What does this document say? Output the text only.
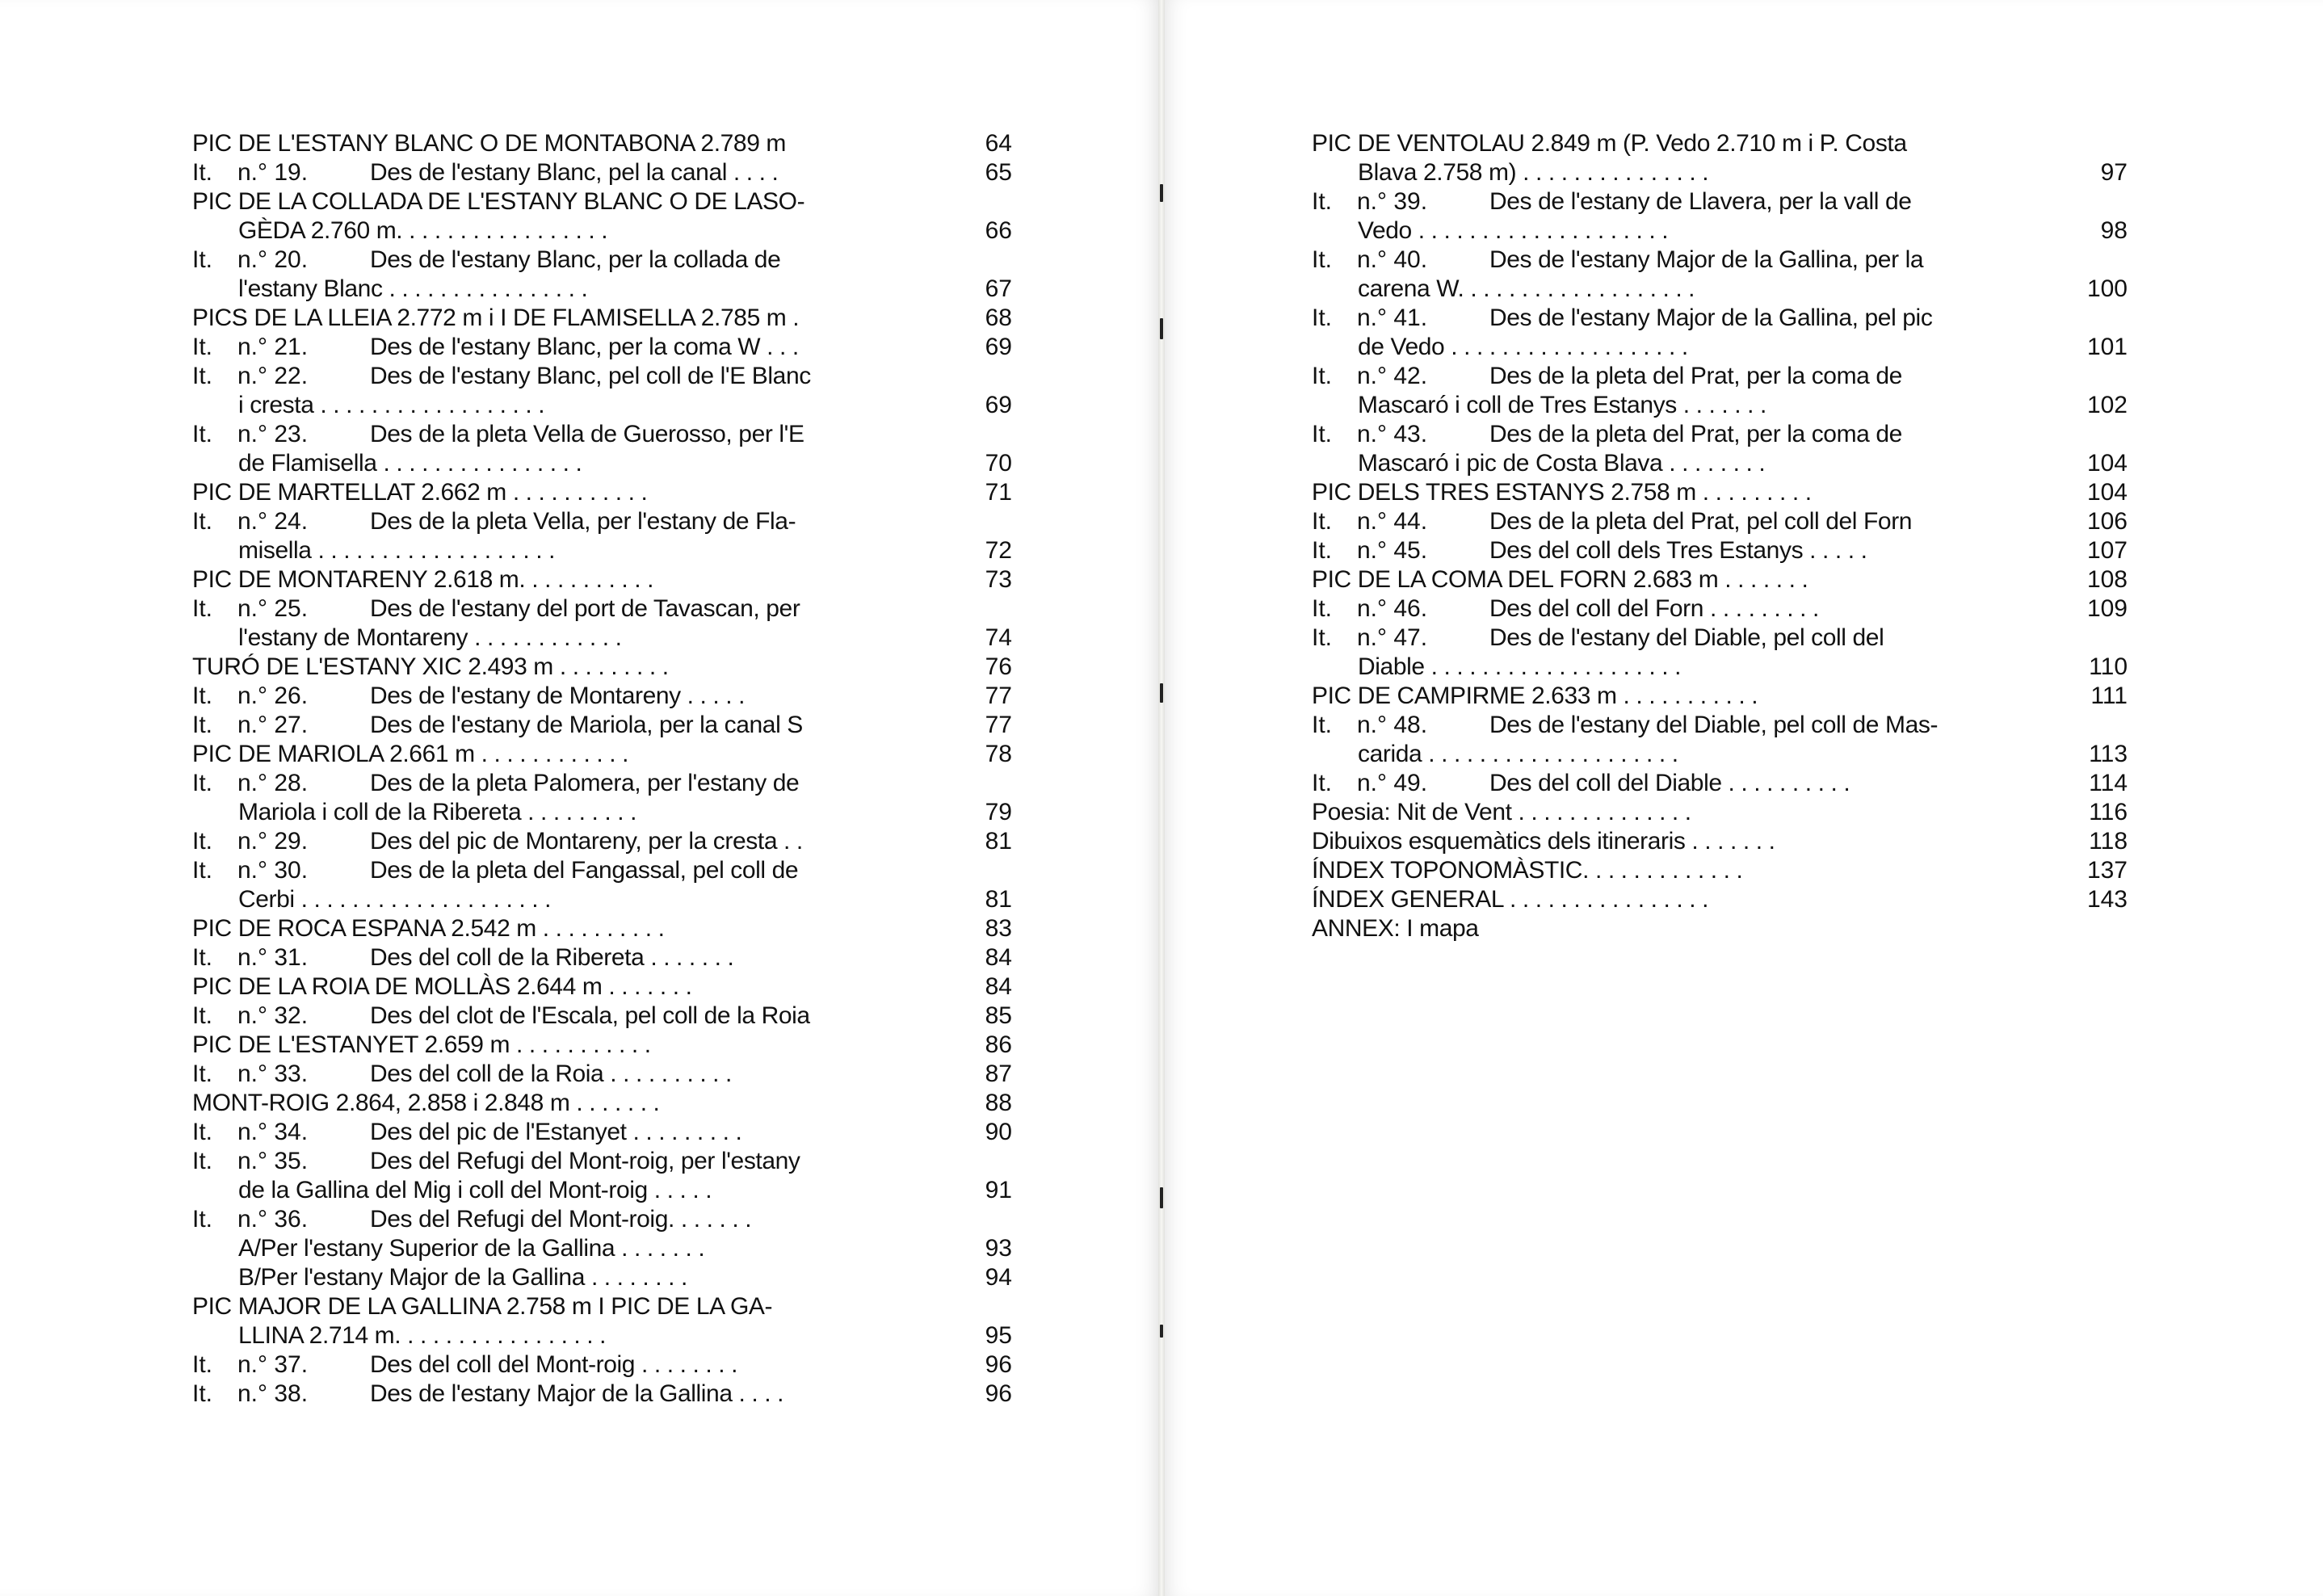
PIC DE L'ESTANY BLANC O DE MONTABONA 2.789 m	64
It. n.° 19.	Des de l'estany Blanc, pel la canal . . . .	65
PIC DE LA COLLADA DE L'ESTANY BLANC O DE LASO-
GÈDA 2.760 m. . . . . . . . . . . . . . . . .	66
It. n.° 20.	Des de l'estany Blanc, per la collada de
l'estany Blanc . . . . . . . . . . . . . . . .	67
PICS DE LA LLEIA 2.772 m i I DE FLAMISELLA 2.785 m .	68
It. n.° 21.	Des de l'estany Blanc, per la coma W . . .	69
It. n.° 22.	Des de l'estany Blanc, pel coll de l'E Blanc
i cresta . . . . . . . . . . . . . . . . . .	69
It. n.° 23.	Des de la pleta Vella de Guerosso, per l'E
de Flamisella . . . . . . . . . . . . . . . .	70
PIC DE MARTELLAT 2.662 m . . . . . . . . . . .	71
It. n.° 24.	Des de la pleta Vella, per l'estany de Fla-
misella . . . . . . . . . . . . . . . . . . .	72
PIC DE MONTARENY 2.618 m. . . . . . . . . . .	73
It. n.° 25.	Des de l'estany del port de Tavascan, per
l'estany de Montareny . . . . . . . . . . . .	74
TURÓ DE L'ESTANY XIC 2.493 m . . . . . . . . .	76
It. n.° 26.	Des de l'estany de Montareny . . . . .	77
It. n.° 27.	Des de l'estany de Mariola, per la canal S	77
PIC DE MARIOLA 2.661 m . . . . . . . . . . . .	78
It. n.° 28.	Des de la pleta Palomera, per l'estany de
Mariola i coll de la Ribereta . . . . . . . . .	79
It. n.° 29.	Des del pic de Montareny, per la cresta . .	81
It. n.° 30.	Des de la pleta del Fangassal, pel coll de
Cerbi . . . . . . . . . . . . . . . . . . . .	81
PIC DE ROCA ESPANA 2.542 m . . . . . . . . . .	83
It. n.° 31.	Des del coll de la Ribereta . . . . . . .	84
PIC DE LA ROIA DE MOLLÀS 2.644 m . . . . . . .	84
It. n.° 32.	Des del clot de l'Escala, pel coll de la Roia	85
PIC DE L'ESTANYET 2.659 m . . . . . . . . . . .	86
It. n.° 33.	Des del coll de la Roia . . . . . . . . . .	87
MONT-ROIG 2.864, 2.858 i 2.848 m . . . . . . .	88
It. n.° 34.	Des del pic de l'Estanyet . . . . . . . . .	90
It. n.° 35.	Des del Refugi del Mont-roig, per l'estany
de la Gallina del Mig i coll del Mont-roig . . . . .	91
It. n.° 36.	Des del Refugi del Mont-roig. . . . . . .
A/Per l'estany Superior de la Gallina . . . . . . .	93
B/Per l'estany Major de la Gallina . . . . . . . .	94
PIC MAJOR DE LA GALLINA 2.758 m I PIC DE LA GA-
LLINA 2.714 m. . . . . . . . . . . . . . . . .	95
It. n.° 37.	Des del coll del Mont-roig . . . . . . . .	96
It. n.° 38.	Des de l'estany Major de la Gallina . . . .	96
PIC DE VENTOLAU 2.849 m (P. Vedo 2.710 m i P. Costa
Blava 2.758 m) . . . . . . . . . . . . . . .	97
It. n.° 39.	Des de l'estany de Llavera, per la vall de
Vedo . . . . . . . . . . . . . . . . . . . .	98
It. n.° 40.	Des de l'estany Major de la Gallina, per la
carena W. . . . . . . . . . . . . . . . . . .	100
It. n.° 41.	Des de l'estany Major de la Gallina, pel pic
de Vedo . . . . . . . . . . . . . . . . . . .	101
It. n.° 42.	Des de la pleta del Prat, per la coma de
Mascaró i coll de Tres Estanys . . . . . . .	102
It. n.° 43.	Des de la pleta del Prat, per la coma de
Mascaró i pic de Costa Blava . . . . . . . .	104
PIC DELS TRES ESTANYS 2.758 m . . . . . . . . .	104
It. n.° 44.	Des de la pleta del Prat, pel coll del Forn	106
It. n.° 45.	Des del coll dels Tres Estanys . . . . .	107
PIC DE LA COMA DEL FORN 2.683 m . . . . . . .	108
It. n.° 46.	Des del coll del Forn . . . . . . . . .	109
It. n.° 47.	Des de l'estany del Diable, pel coll del
Diable . . . . . . . . . . . . . . . . . . . .	110
PIC DE CAMPIRME 2.633 m . . . . . . . . . . .	111
It. n.° 48.	Des de l'estany del Diable, pel coll de Mas-
carida . . . . . . . . . . . . . . . . . . . .	113
It. n.° 49.	Des del coll del Diable . . . . . . . . . .	114
Poesia: Nit de Vent . . . . . . . . . . . . . .	116
Dibuixos esquemàtics dels itineraris . . . . . . .	118
ÍNDEX TOPONOMÀSTIC. . . . . . . . . . . . .	137
ÍNDEX GENERAL . . . . . . . . . . . . . . . .	143
ANNEX: I mapa
